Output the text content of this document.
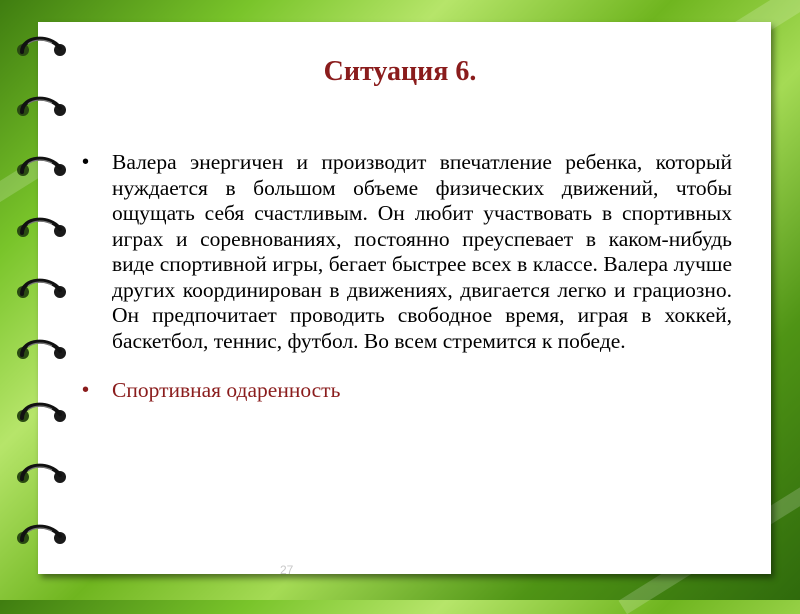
Ситуация 6.
• Валера энергичен и производит впечатление ребенка, который нуждается в большом объеме физических движений, чтобы ощущать себя счастливым. Он любит участвовать в спортивных играх и соревнованиях, постоянно преуспевает в каком-нибудь виде спортивной игры, бегает быстрее всех в классе. Валера лучше других координирован в движениях, двигается легко и грациозно. Он предпочитает проводить свободное время, играя в хоккей, баскетбол, теннис, футбол. Во всем стремится к победе.

• Спортивная одаренность

27
